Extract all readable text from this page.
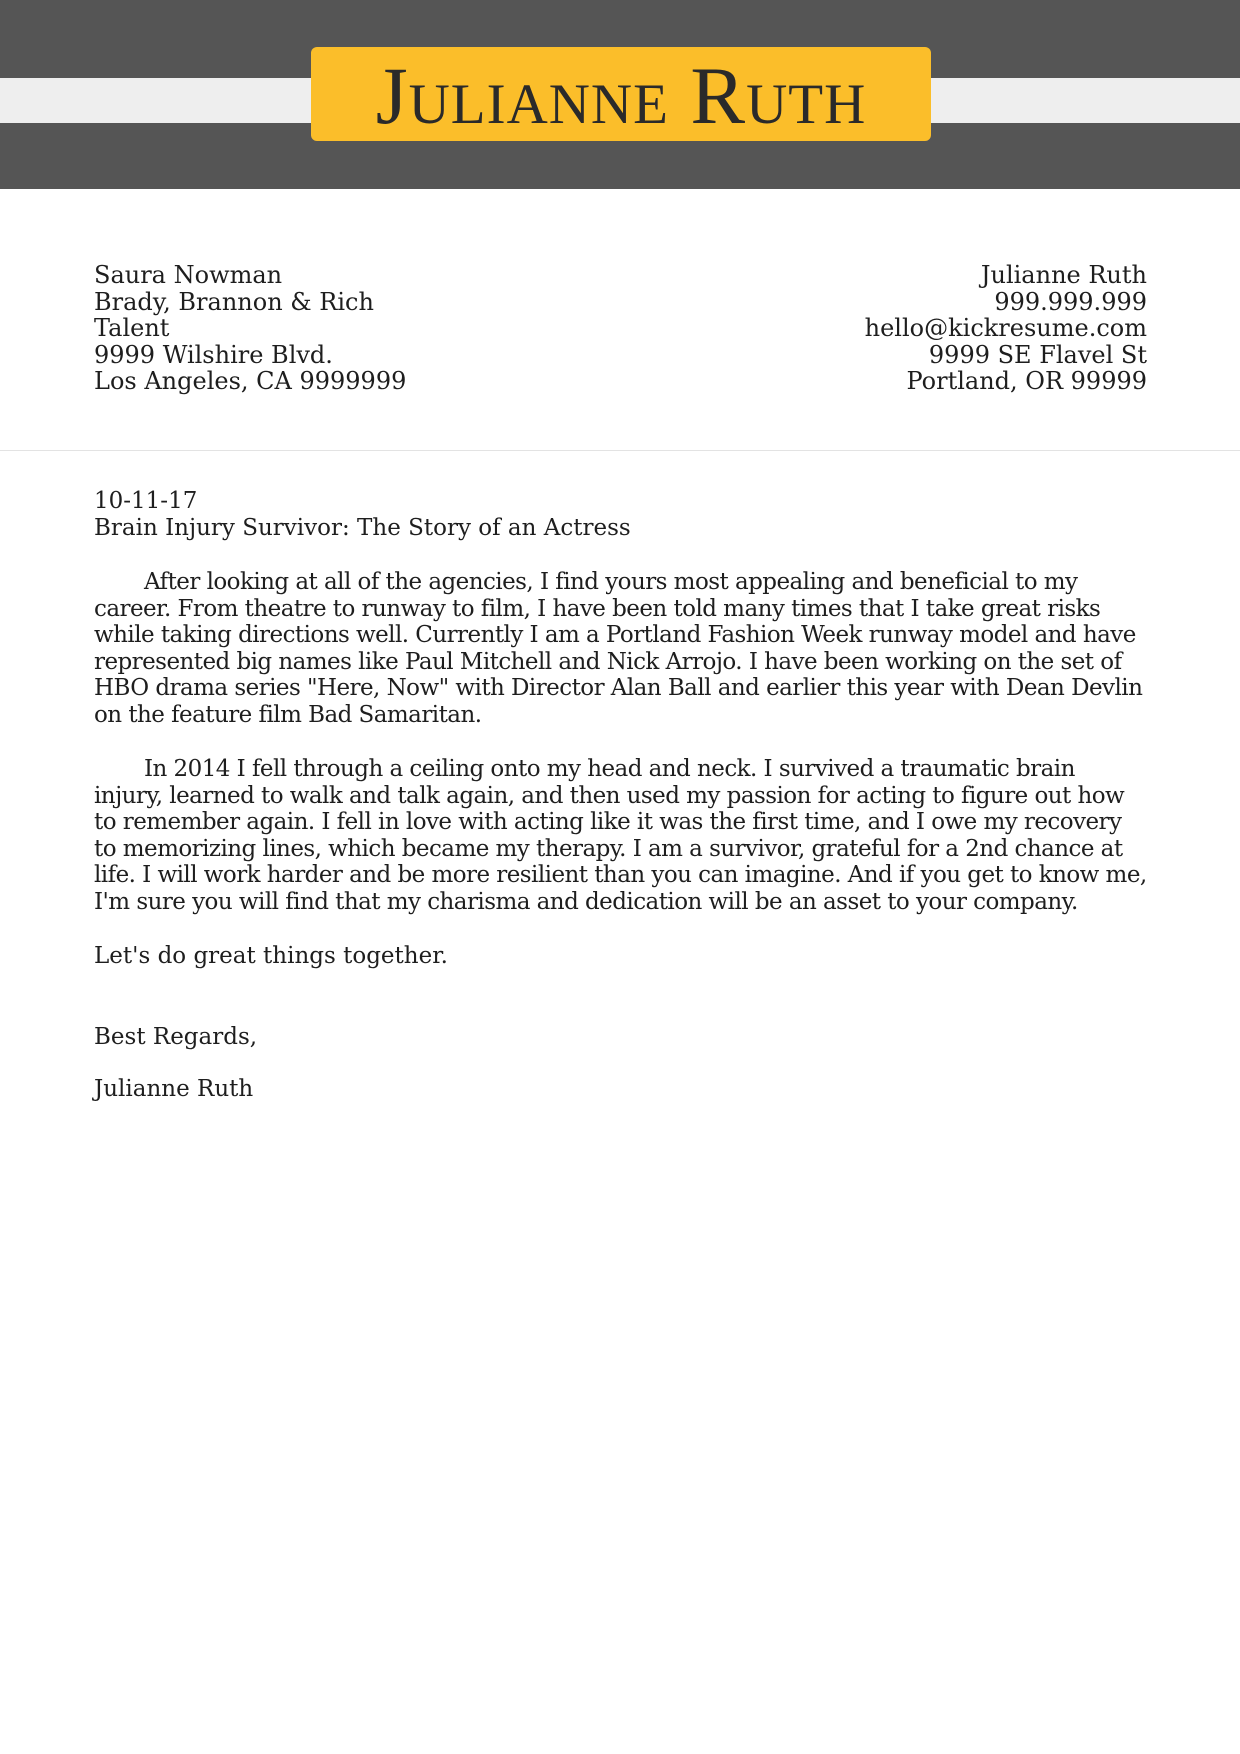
Julianne Ruth
Saura Nowman
Brady, Brannon & Rich
Talent
9999 Wilshire Blvd.
Los Angeles, CA 9999999
Julianne Ruth
999.999.999
hello@kickresume.com
9999 SE Flavel St
Portland, OR 99999

10-11-17

Brain Injury Survivor: The Story of an Actress

After looking at all of the agencies, I find yours most appealing and beneficial to my career. From theatre to runway to film, I have been told many times that I take great risks while taking directions well. Currently I am a Portland Fashion Week runway model and have represented big names like Paul Mitchell and Nick Arrojo. I have been working on the set of HBO drama series "Here, Now" with Director Alan Ball and earlier this year with Dean Devlin on the feature film Bad Samaritan.

In 2014 I fell through a ceiling onto my head and neck. I survived a traumatic brain injury, learned to walk and talk again, and then used my passion for acting to figure out how to remember again. I fell in love with acting like it was the first time, and I owe my recovery to memorizing lines, which became my therapy. I am a survivor, grateful for a 2nd chance at life. I will work harder and be more resilient than you can imagine. And if you get to know me, I'm sure you will find that my charisma and dedication will be an asset to your company.

Let's do great things together.

Best Regards,

Julianne Ruth
